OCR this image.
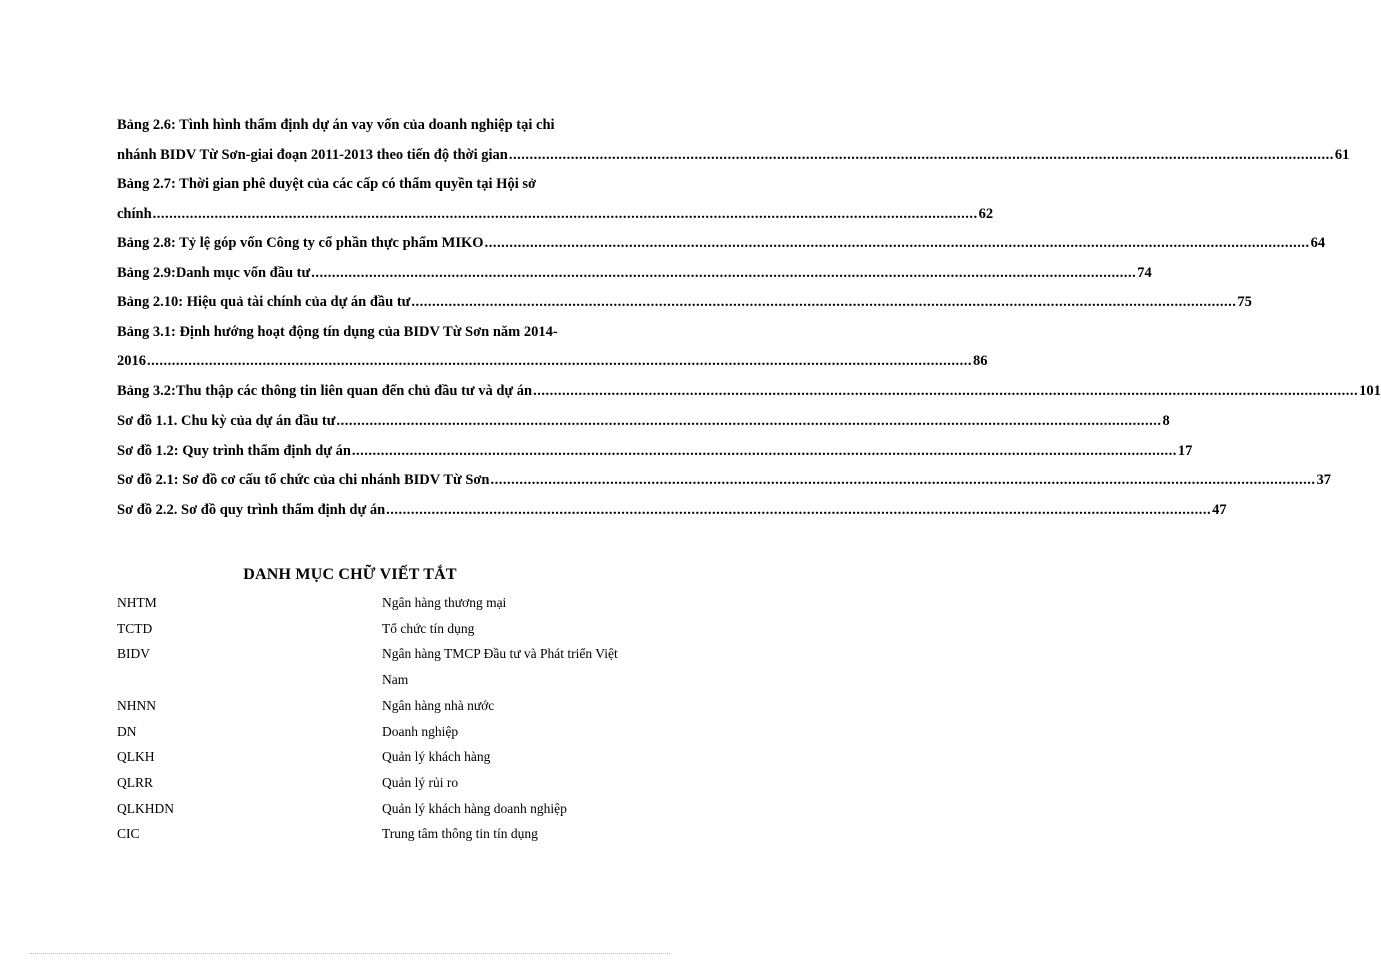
Bảng 2.6: Tình hình thẩm định dự án vay vốn của doanh nghiệp tại chi
nhánh BIDV Từ Sơn-giai đoạn 2011-2013 theo tiến độ thời gian ........................................................................................................................................................................................................ 61
Bảng 2.7: Thời gian phê duyệt của các cấp có thẩm quyền tại Hội sở
chính ........................................................................................................................................................................................................ 62
Bảng 2.8: Tỷ lệ góp vốn Công ty cổ phần thực phẩm MIKO ........................................................................................................................................................................................................ 64
Bảng 2.9:Danh mục vốn đầu tư ........................................................................................................................................................................................................ 74
Bảng 2.10: Hiệu quả tài chính của dự án đầu tư ........................................................................................................................................................................................................ 75
Bảng 3.1: Định hướng hoạt động tín dụng của BIDV Từ Sơn năm 2014-
2016 ........................................................................................................................................................................................................ 86
Bảng 3.2:Thu thập các thông tin liên quan đến chủ đầu tư và dự án ........................................................................................................................................................................................................ 101
Sơ đồ 1.1. Chu kỳ của dự án đầu tư ........................................................................................................................................................................................................ 8
Sơ đồ 1.2: Quy trình thẩm định dự án ........................................................................................................................................................................................................ 17
Sơ đồ 2.1: Sơ đồ cơ cấu tổ chức của chi nhánh BIDV Từ Sơn ........................................................................................................................................................................................................ 37
Sơ đồ 2.2. Sơ đồ quy trình thẩm định dự án ........................................................................................................................................................................................................ 47
DANH MỤC CHỮ VIẾT TẮT
NHTM	Ngân hàng thương mại
TCTD	Tổ chức tín dụng
BIDV	Ngân hàng TMCP Đầu tư và Phát triển Việt Nam
NHNN	Ngân hàng nhà nước
DN	Doanh nghiệp
QLKH	Quản lý khách hàng
QLRR	Quản lý rủi ro
QLKHDN	Quản lý khách hàng doanh nghiệp
CIC	Trung tâm thông tin tín dụng
